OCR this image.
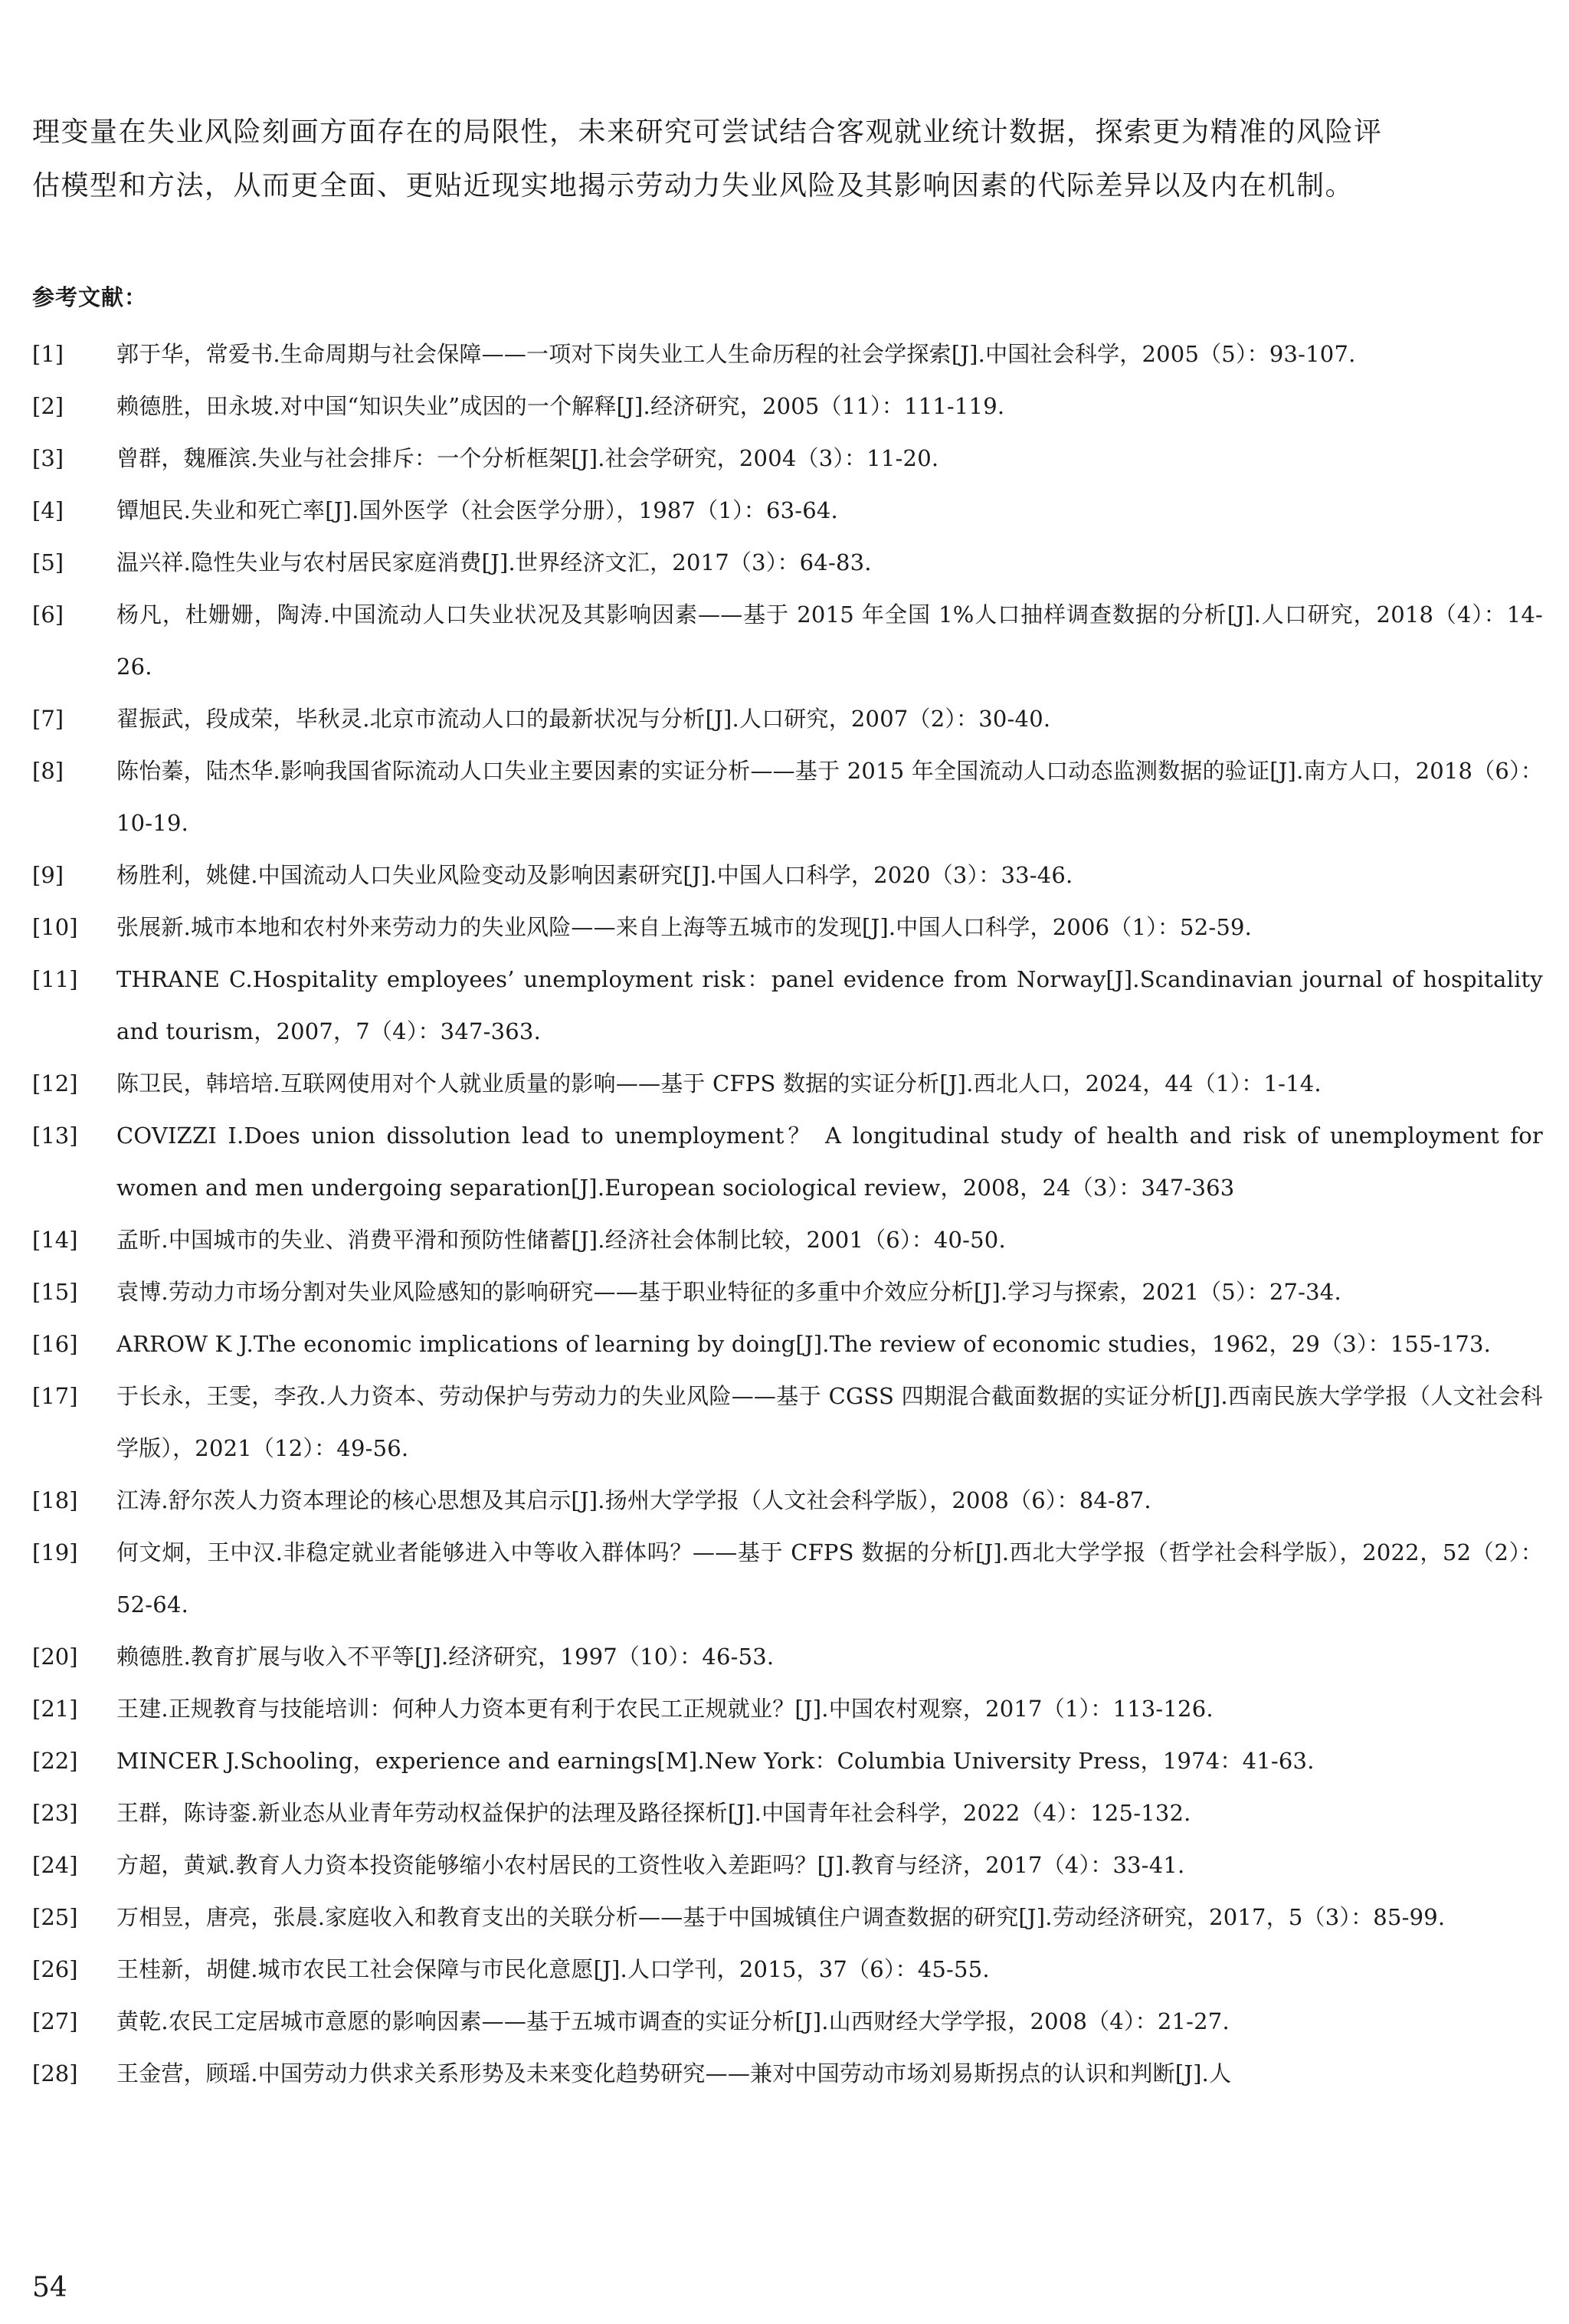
理变量在失业风险刻画方面存在的局限性，未来研究可尝试结合客观就业统计数据，探索更为精准的风险评

估模型和方法，从而更全面、更贴近现实地揭示劳动力失业风险及其影响因素的代际差异以及内在机制。

参考文献：
[1]	郭于华，常爱书.生命周期与社会保障——一项对下岗失业工人生命历程的社会学探索[J].中国社会科学，2005（5）：93-107.
[2]	赖德胜，田永坡.对中国“知识失业”成因的一个解释[J].经济研究，2005（11）：111-119.
[3]	曾群，魏雁滨.失业与社会排斥：一个分析框架[J].社会学研究，2004（3）：11-20.
[4]	镡旭民.失业和死亡率[J].国外医学（社会医学分册），1987（1）：63-64.
[5]	温兴祥.隐性失业与农村居民家庭消费[J].世界经济文汇，2017（3）：64-83.
[6]	杨凡，杜姗姗，陶涛.中国流动人口失业状况及其影响因素——基于 2015 年全国 1%人口抽样调查数据的分析[J].人口研究，2018（4）：14-26.
[7]	翟振武，段成荣，毕秋灵.北京市流动人口的最新状况与分析[J].人口研究，2007（2）：30-40.
[8]	陈怡蓁，陆杰华.影响我国省际流动人口失业主要因素的实证分析——基于 2015 年全国流动人口动态监测数据的验证[J].南方人口，2018（6）：10-19.
[9]	杨胜利，姚健.中国流动人口失业风险变动及影响因素研究[J].中国人口科学，2020（3）：33-46.
[10]	张展新.城市本地和农村外来劳动力的失业风险——来自上海等五城市的发现[J].中国人口科学，2006（1）：52-59.
[11]	THRANE C.Hospitality employees’ unemployment risk：panel evidence from Norway[J].Scandinavian journal of hospitality and tourism，2007，7（4）：347-363.
[12]	陈卫民，韩培培.互联网使用对个人就业质量的影响——基于 CFPS 数据的实证分析[J].西北人口，2024，44（1）：1-14.
[13]	COVIZZI I.Does union dissolution lead to unemployment？ A longitudinal study of health and risk of unemployment for women and men undergoing separation[J].European sociological review，2008，24（3）：347-363
[14]	孟昕.中国城市的失业、消费平滑和预防性储蓄[J].经济社会体制比较，2001（6）：40-50.
[15]	袁博.劳动力市场分割对失业风险感知的影响研究——基于职业特征的多重中介效应分析[J].学习与探索，2021（5）：27-34.
[16]	ARROW K J.The economic implications of learning by doing[J].The review of economic studies，1962，29（3）：155-173.
[17]	于长永，王雯，李孜.人力资本、劳动保护与劳动力的失业风险——基于 CGSS 四期混合截面数据的实证分析[J].西南民族大学学报（人文社会科学版），2021（12）：49-56.
[18]	江涛.舒尔茨人力资本理论的核心思想及其启示[J].扬州大学学报（人文社会科学版），2008（6）：84-87.
[19]	何文炯，王中汉.非稳定就业者能够进入中等收入群体吗？——基于 CFPS 数据的分析[J].西北大学学报（哲学社会科学版），2022，52（2）：52-64.
[20]	赖德胜.教育扩展与收入不平等[J].经济研究，1997（10）：46-53.
[21]	王建.正规教育与技能培训：何种人力资本更有利于农民工正规就业？[J].中国农村观察，2017（1）：113-126.
[22]	MINCER J.Schooling，experience and earnings[M].New York：Columbia University Press，1974：41-63.
[23]	王群，陈诗銮.新业态从业青年劳动权益保护的法理及路径探析[J].中国青年社会科学，2022（4）：125-132.
[24]	方超，黄斌.教育人力资本投资能够缩小农村居民的工资性收入差距吗？[J].教育与经济，2017（4）：33-41.
[25]	万相昱，唐亮，张晨.家庭收入和教育支出的关联分析——基于中国城镇住户调查数据的研究[J].劳动经济研究，2017，5（3）：85-99.
[26]	王桂新，胡健.城市农民工社会保障与市民化意愿[J].人口学刊，2015，37（6）：45-55.
[27]	黄乾.农民工定居城市意愿的影响因素——基于五城市调查的实证分析[J].山西财经大学学报，2008（4）：21-27.
[28]	王金营，顾瑶.中国劳动力供求关系形势及未来变化趋势研究——兼对中国劳动市场刘易斯拐点的认识和判断[J].人
54
